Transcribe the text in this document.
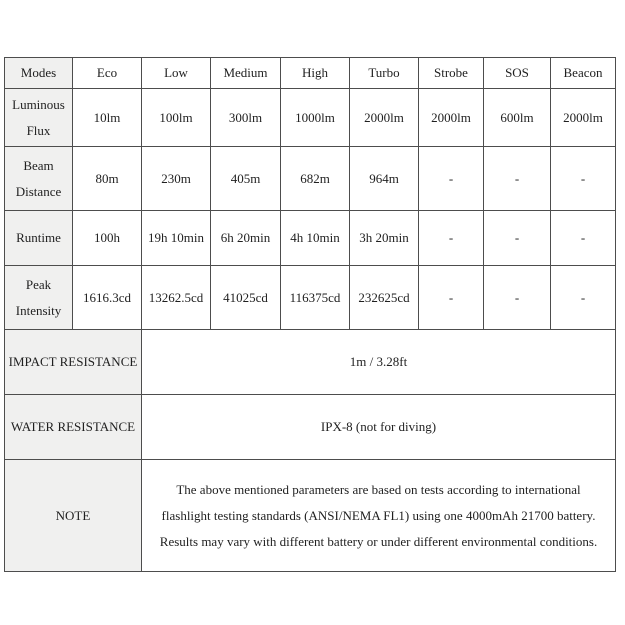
Modes	Eco	Low	Medium	High	Turbo	Strobe	SOS	Beacon
Luminous Flux	10lm	100lm	300lm	1000lm	2000lm	2000lm	600lm	2000lm
Beam Distance	80m	230m	405m	682m	964m	-	-	-
Runtime	100h	19h 10min	6h 20min	4h 10min	3h 20min	-	-	-
Peak Intensity	1616.3cd	13262.5cd	41025cd	116375cd	232625cd	-	-	-
IMPACT RESISTANCE		1m / 3.28ft						
WATER RESISTANCE		IPX-8 (not for diving)						
NOTE		The above mentioned parameters are based on tests according to international
flashlight testing standards (ANSI/NEMA FL1) using one 4000mAh 21700 battery.
Results may vary with different battery or under different environmental conditions.						
